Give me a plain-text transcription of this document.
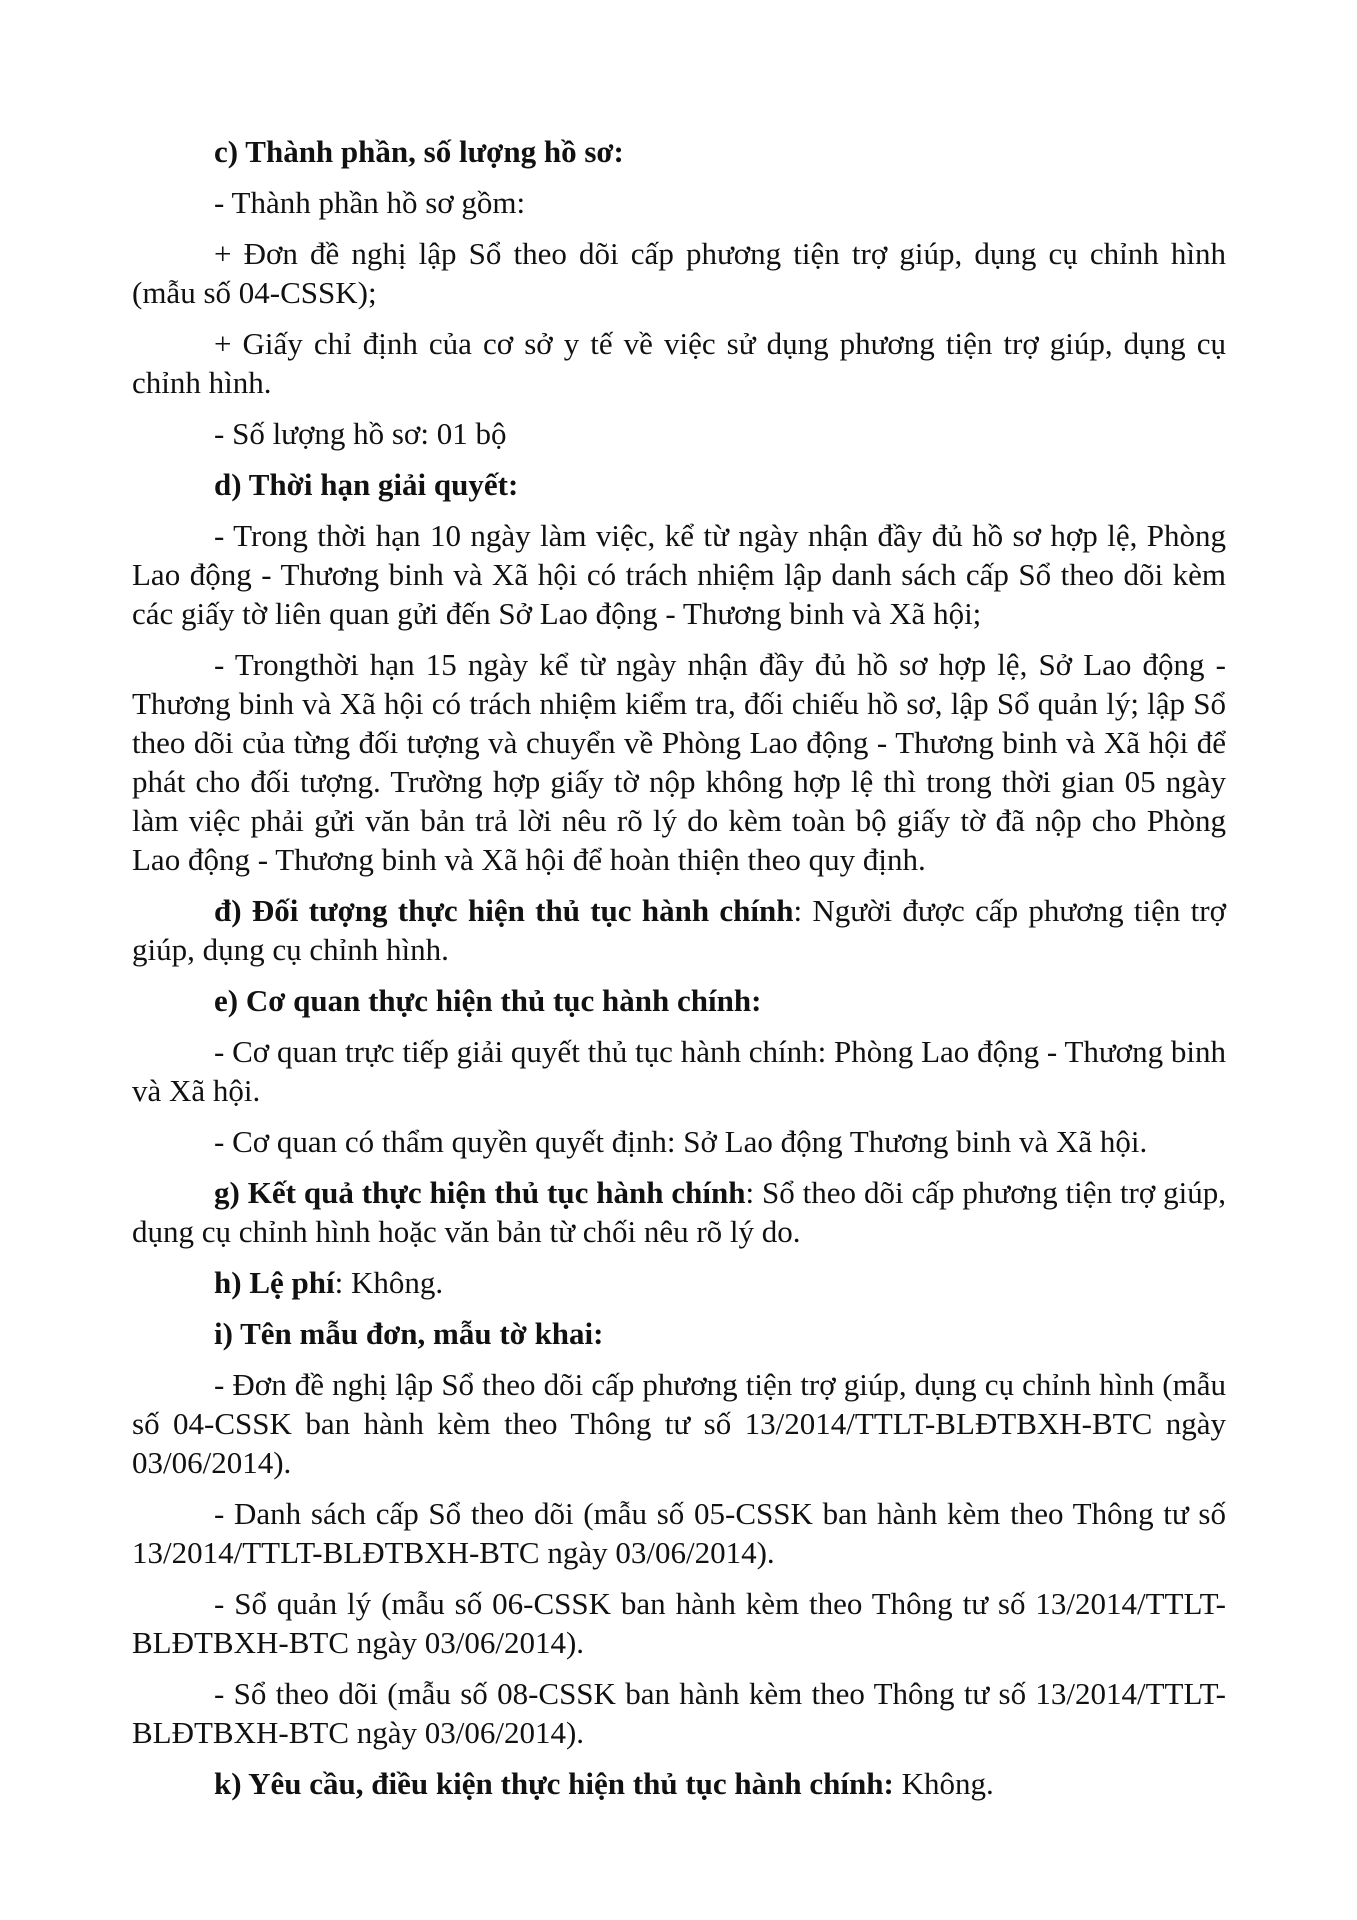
c) Thành phần, số lượng hồ sơ:

- Thành phần hồ sơ gồm:

+ Đơn đề nghị lập Sổ theo dõi cấp phương tiện trợ giúp, dụng cụ chỉnh hình (mẫu số 04-CSSK);

+ Giấy chỉ định của cơ sở y tế về việc sử dụng phương tiện trợ giúp, dụng cụ chỉnh hình.

- Số lượng hồ sơ: 01 bộ

d) Thời hạn giải quyết:

- Trong thời hạn 10 ngày làm việc, kể từ ngày nhận đầy đủ hồ sơ hợp lệ, Phòng Lao động - Thương binh và Xã hội có trách nhiệm lập danh sách cấp Sổ theo dõi kèm các giấy tờ liên quan gửi đến Sở Lao động - Thương binh và Xã hội;

- Trongthời hạn 15 ngày kể từ ngày nhận đầy đủ hồ sơ hợp lệ, Sở Lao động - Thương binh và Xã hội có trách nhiệm kiểm tra, đối chiếu hồ sơ, lập Sổ quản lý; lập Sổ theo dõi của từng đối tượng và chuyển về Phòng Lao động - Thương binh và Xã hội để phát cho đối tượng. Trường hợp giấy tờ nộp không hợp lệ thì trong thời gian 05 ngày làm việc phải gửi văn bản trả lời nêu rõ lý do kèm toàn bộ giấy tờ đã nộp cho Phòng Lao động - Thương binh và Xã hội để hoàn thiện theo quy định.

đ) Đối tượng thực hiện thủ tục hành chính: Người được cấp phương tiện trợ giúp, dụng cụ chỉnh hình.

e) Cơ quan thực hiện thủ tục hành chính:

- Cơ quan trực tiếp giải quyết thủ tục hành chính: Phòng Lao động - Thương binh và Xã hội.

- Cơ quan có thẩm quyền quyết định: Sở Lao động Thương binh và Xã hội.

g) Kết quả thực hiện thủ tục hành chính: Sổ theo dõi cấp phương tiện trợ giúp, dụng cụ chỉnh hình hoặc văn bản từ chối nêu rõ lý do.

h) Lệ phí: Không.

i) Tên mẫu đơn, mẫu tờ khai:

- Đơn đề nghị lập Sổ theo dõi cấp phương tiện trợ giúp, dụng cụ chỉnh hình (mẫu số 04-CSSK ban hành kèm theo Thông tư số 13/2014/TTLT-BLĐTBXH-BTC ngày 03/06/2014).

- Danh sách cấp Sổ theo dõi (mẫu số 05-CSSK ban hành kèm theo Thông tư số 13/2014/TTLT-BLĐTBXH-BTC ngày 03/06/2014).

- Sổ quản lý (mẫu số 06-CSSK ban hành kèm theo Thông tư số 13/2014/TTLT-BLĐTBXH-BTC ngày 03/06/2014).

- Sổ theo dõi (mẫu số 08-CSSK ban hành kèm theo Thông tư số 13/2014/TTLT-BLĐTBXH-BTC ngày 03/06/2014).

k) Yêu cầu, điều kiện thực hiện thủ tục hành chính: Không.
